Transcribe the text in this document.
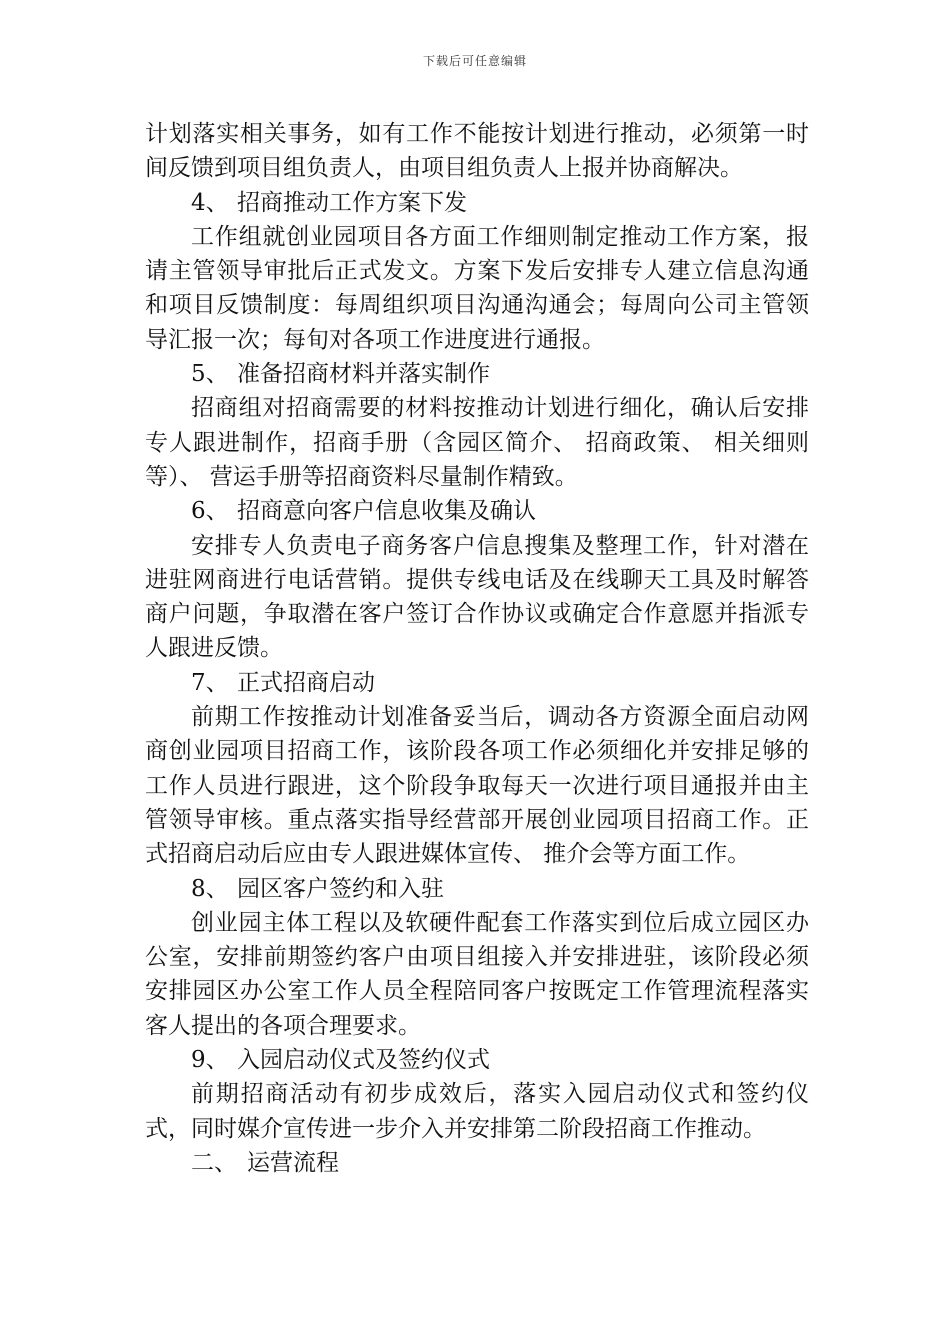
下载后可任意编辑

计划落实相关事务，如有工作不能按计划进行推动，必须第一时间反馈到项目组负责人，由项目组负责人上报并协商解决。

4、 招商推动工作方案下发

工作组就创业园项目各方面工作细则制定推动工作方案，报请主管领导审批后正式发文。方案下发后安排专人建立信息沟通和项目反馈制度：每周组织项目沟通沟通会；每周向公司主管领导汇报一次；每旬对各项工作进度进行通报。

5、 准备招商材料并落实制作

招商组对招商需要的材料按推动计划进行细化，确认后安排专人跟进制作，招商手册（含园区简介、 招商政策、 相关细则等）、 营运手册等招商资料尽量制作精致。

6、 招商意向客户信息收集及确认

安排专人负责电子商务客户信息搜集及整理工作，针对潜在进驻网商进行电话营销。提供专线电话及在线聊天工具及时解答商户问题，争取潜在客户签订合作协议或确定合作意愿并指派专人跟进反馈。

7、 正式招商启动

前期工作按推动计划准备妥当后，调动各方资源全面启动网商创业园项目招商工作，该阶段各项工作必须细化并安排足够的工作人员进行跟进，这个阶段争取每天一次进行项目通报并由主管领导审核。重点落实指导经营部开展创业园项目招商工作。正式招商启动后应由专人跟进媒体宣传、 推介会等方面工作。

8、 园区客户签约和入驻

创业园主体工程以及软硬件配套工作落实到位后成立园区办公室，安排前期签约客户由项目组接入并安排进驻，该阶段必须安排园区办公室工作人员全程陪同客户按既定工作管理流程落实客人提出的各项合理要求。

9、 入园启动仪式及签约仪式

前期招商活动有初步成效后，落实入园启动仪式和签约仪式，同时媒介宣传进一步介入并安排第二阶段招商工作推动。

二、 运营流程
